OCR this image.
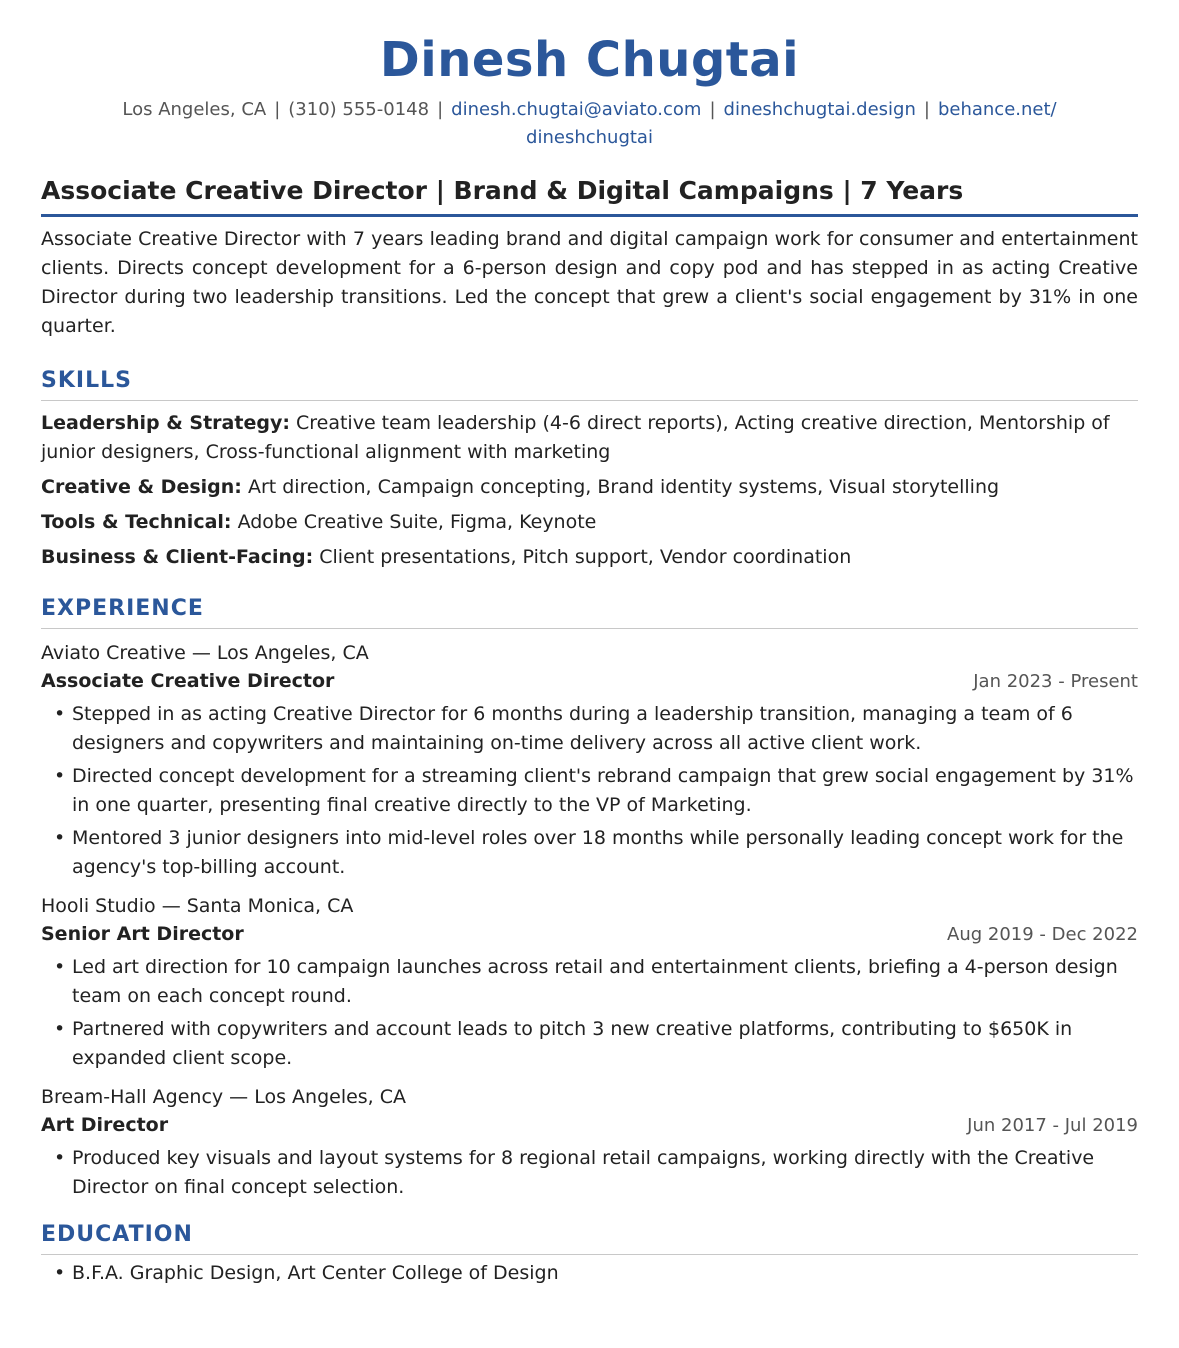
Dinesh Chugtai
Los Angeles, CA | (310) 555-0148 | dinesh.chugtai@aviato.com | dineshchugtai.design | behance.net/
dineshchugtai
Associate Creative Director | Brand & Digital Campaigns | 7 Years
Associate Creative Director with 7 years leading brand and digital campaign work for consumer and entertainment clients. Directs concept development for a 6-person design and copy pod and has stepped in as acting Creative Director during two leadership transitions. Led the concept that grew a client's social engagement by 31% in one quarter.
SKILLS
Leadership & Strategy: Creative team leadership (4-6 direct reports), Acting creative direction, Mentorship of junior designers, Cross-functional alignment with marketing
Creative & Design: Art direction, Campaign concepting, Brand identity systems, Visual storytelling
Tools & Technical: Adobe Creative Suite, Figma, Keynote
Business & Client-Facing: Client presentations, Pitch support, Vendor coordination
EXPERIENCE
Aviato Creative — Los Angeles, CA
Associate Creative Director	Jan 2023 - Present
• Stepped in as acting Creative Director for 6 months during a leadership transition, managing a team of 6 designers and copywriters and maintaining on-time delivery across all active client work.
• Directed concept development for a streaming client's rebrand campaign that grew social engagement by 31% in one quarter, presenting final creative directly to the VP of Marketing.
• Mentored 3 junior designers into mid-level roles over 18 months while personally leading concept work for the agency's top-billing account.
Hooli Studio — Santa Monica, CA
Senior Art Director	Aug 2019 - Dec 2022
• Led art direction for 10 campaign launches across retail and entertainment clients, briefing a 4-person design team on each concept round.
• Partnered with copywriters and account leads to pitch 3 new creative platforms, contributing to $650K in expanded client scope.
Bream-Hall Agency — Los Angeles, CA
Art Director	Jun 2017 - Jul 2019
• Produced key visuals and layout systems for 8 regional retail campaigns, working directly with the Creative Director on final concept selection.
EDUCATION
• B.F.A. Graphic Design, Art Center College of Design
